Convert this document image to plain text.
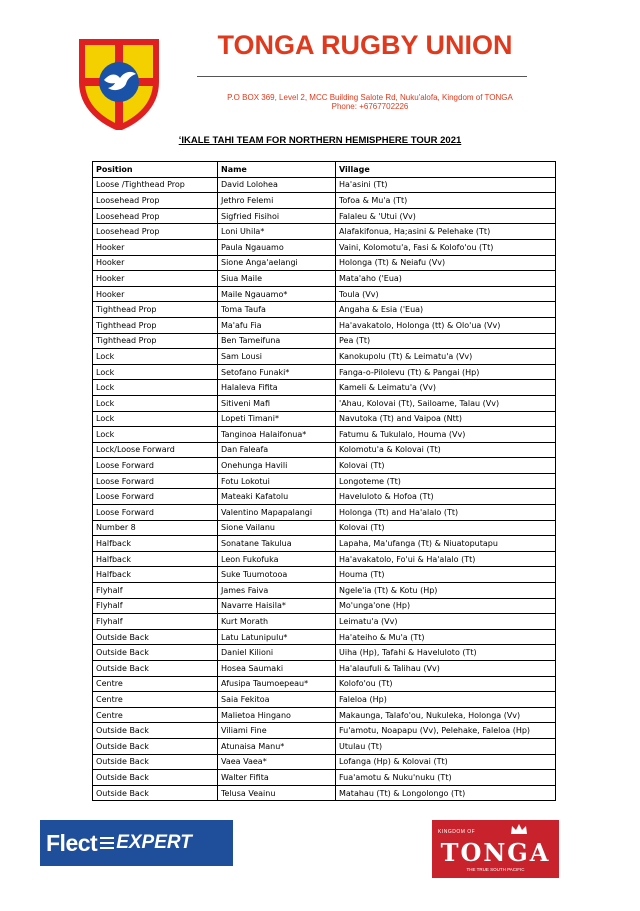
TONGA RUGBY UNION
P.O BOX 369, Level 2, MCC Building Salote Rd, Nuku'alofa, Kingdom of TONGA
Phone: +6767702226
ʻIKALE TAHI TEAM FOR NORTHERN HEMISPHERE TOUR 2021
Position	Name	Village
Loose /Tighthead Prop	David Lolohea	Ha'asini (Tt)
Loosehead Prop	Jethro Felemi	Tofoa & Mu'a (Tt)
Loosehead Prop	Sigfried Fisihoi	Falaleu & 'Utui (Vv)
Loosehead Prop	Loni Uhila*	Alafakifonua, Ha;asini & Pelehake (Tt)
Hooker	Paula Ngauamo	Vaini, Kolomotu'a, Fasi & Kolofo'ou (Tt)
Hooker	Sione Anga'aelangi	Holonga (Tt) & Neiafu (Vv)
Hooker	Siua Maile	Mata'aho ('Eua)
Hooker	Maile Ngauamo*	Toula (Vv)
Tighthead Prop	Toma Taufa	Angaha & Esia ('Eua)
Tighthead Prop	Ma'afu Fia	Ha'avakatolo, Holonga (tt) & Olo'ua (Vv)
Tighthead Prop	Ben Tameifuna	Pea (Tt)
Lock	Sam Lousi	Kanokupolu (Tt) & Leimatu'a (Vv)
Lock	Setofano Funaki*	Fanga-o-Pilolevu (Tt) & Pangai (Hp)
Lock	Halaleva Fifita	Kameli & Leimatu'a (Vv)
Lock	Sitiveni Mafi	'Ahau, Kolovai (Tt), Sailoame, Talau (Vv)
Lock	Lopeti Timani*	Navutoka (Tt) and Vaipoa (Ntt)
Lock	Tanginoa Halaifonua*	Fatumu & Tukulalo, Houma (Vv)
Lock/Loose Forward	Dan Faleafa	Kolomotu'a & Kolovai (Tt)
Loose Forward	Onehunga Havili	Kolovai (Tt)
Loose Forward	Fotu Lokotui	Longoteme (Tt)
Loose Forward	Mateaki Kafatolu	Haveluloto & Hofoa (Tt)
Loose Forward	Valentino Mapapalangi	Holonga (Tt) and Ha'alalo (Tt)
Number 8	Sione Vailanu	Kolovai (Tt)
Halfback	Sonatane Takulua	Lapaha, Ma'ufanga (Tt) & Niuatoputapu
Halfback	Leon Fukofuka	Ha'avakatolo, Fo'ui & Ha'alalo (Tt)
Halfback	Suke Tuumotooa	Houma (Tt)
Flyhalf	James Faiva	Ngele'ia (Tt) & Kotu (Hp)
Flyhalf	Navarre Haisila*	Mo'unga'one (Hp)
Flyhalf	Kurt Morath	Leimatu'a (Vv)
Outside Back	Latu Latunipulu*	Ha'ateiho & Mu'a (Tt)
Outside Back	Daniel Kilioni	Uiha (Hp), Tafahi & Haveluloto (Tt)
Outside Back	Hosea Saumaki	Ha'alaufuli & Talihau (Vv)
Centre	Afusipa Taumoepeau*	Kolofo'ou (Tt)
Centre	Saia Fekitoa	Faleloa (Hp)
Centre	Malietoa Hingano	Makaunga, Talafo'ou, Nukuleka, Holonga (Vv)
Outside Back	Viliami Fine	Fu'amotu, Noapapu (Vv), Pelehake, Faleloa (Hp)
Outside Back	Atunaisa Manu*	Utulau (Tt)
Outside Back	Vaea Vaea*	Lofanga (Hp) & Kolovai (Tt)
Outside Back	Walter Fifita	Fua'amotu & Nuku'nuku (Tt)
Outside Back	Telusa Veainu	Matahau (Tt) & Longolongo (Tt)
Flect EXPERT	KINGDOM OF
TONGA
THE TRUE SOUTH PACIFIC
